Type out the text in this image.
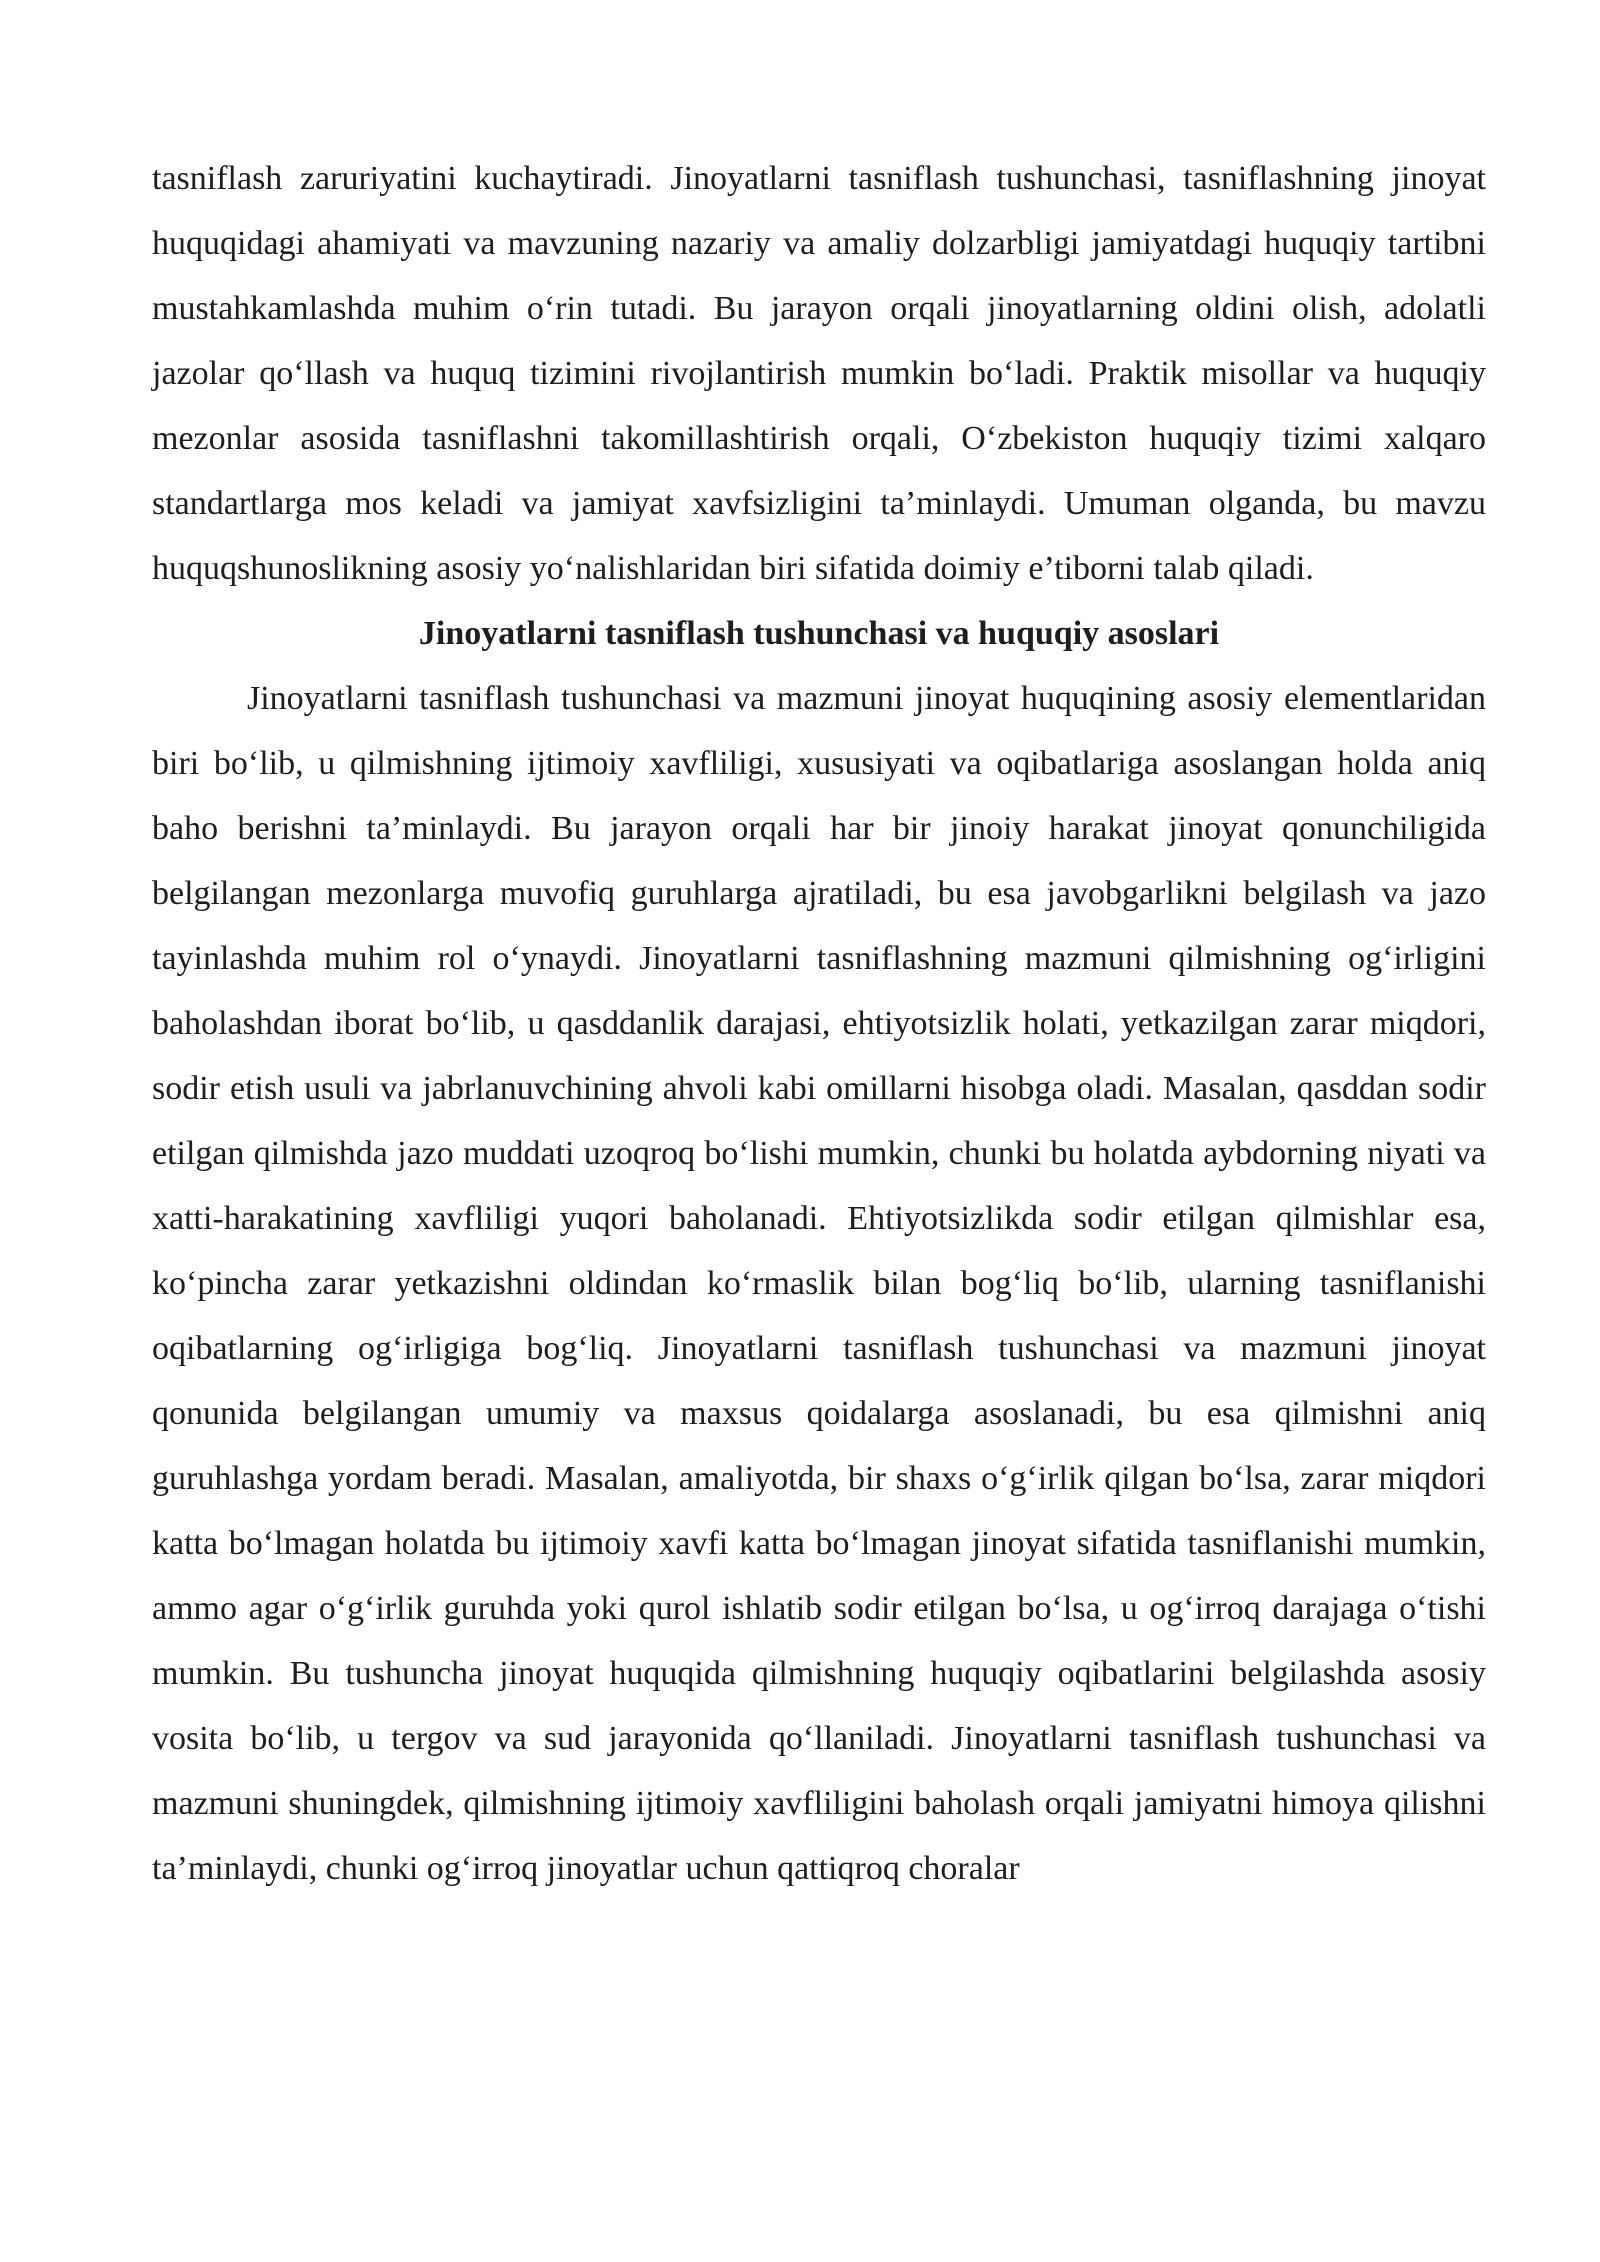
tasniflash zaruriyatini kuchaytiradi. Jinoyatlarni tasniflash tushunchasi, tasniflashning jinoyat huquqidagi ahamiyati va mavzuning nazariy va amaliy dolzarbligi jamiyatdagi huquqiy tartibni mustahkamlashda muhim o‘rin tutadi. Bu jarayon orqali jinoyatlarning oldini olish, adolatli jazolar qo‘llash va huquq tizimini rivojlantirish mumkin bo‘ladi. Praktik misollar va huquqiy mezonlar asosida tasniflashni takomillashtirish orqali, O‘zbekiston huquqiy tizimi xalqaro standartlarga mos keladi va jamiyat xavfsizligini ta’minlaydi. Umuman olganda, bu mavzu huquqshunoslikning asosiy yo‘nalishlaridan biri sifatida doimiy e’tiborni talab qiladi.

Jinoyatlarni tasniflash tushunchasi va huquqiy asoslari

Jinoyatlarni tasniflash tushunchasi va mazmuni jinoyat huquqining asosiy elementlaridan biri bo‘lib, u qilmishning ijtimoiy xavfliligi, xususiyati va oqibatlariga asoslangan holda aniq baho berishni ta’minlaydi. Bu jarayon orqali har bir jinoiy harakat jinoyat qonunchiligida belgilangan mezonlarga muvofiq guruhlarga ajratiladi, bu esa javobgarlikni belgilash va jazo tayinlashda muhim rol o‘ynaydi. Jinoyatlarni tasniflashning mazmuni qilmishning og‘irligini baholashdan iborat bo‘lib, u qasddanlik darajasi, ehtiyotsizlik holati, yetkazilgan zarar miqdori, sodir etish usuli va jabrlanuvchining ahvoli kabi omillarni hisobga oladi. Masalan, qasddan sodir etilgan qilmishda jazo muddati uzoqroq bo‘lishi mumkin, chunki bu holatda aybdorning niyati va xatti-harakatining xavfliligi yuqori baholanadi. Ehtiyotsizlikda sodir etilgan qilmishlar esa, ko‘pincha zarar yetkazishni oldindan ko‘rmaslik bilan bog‘liq bo‘lib, ularning tasniflanishi oqibatlarning og‘irligiga bog‘liq. Jinoyatlarni tasniflash tushunchasi va mazmuni jinoyat qonunida belgilangan umumiy va maxsus qoidalarga asoslanadi, bu esa qilmishni aniq guruhlashga yordam beradi. Masalan, amaliyotda, bir shaxs o‘g‘irlik qilgan bo‘lsa, zarar miqdori katta bo‘lmagan holatda bu ijtimoiy xavfi katta bo‘lmagan jinoyat sifatida tasniflanishi mumkin, ammo agar o‘g‘irlik guruhda yoki qurol ishlatib sodir etilgan bo‘lsa, u og‘irroq darajaga o‘tishi mumkin. Bu tushuncha jinoyat huquqida qilmishning huquqiy oqibatlarini belgilashda asosiy vosita bo‘lib, u tergov va sud jarayonida qo‘llaniladi. Jinoyatlarni tasniflash tushunchasi va mazmuni shuningdek, qilmishning ijtimoiy xavfliligini baholash orqali jamiyatni himoya qilishni ta’minlaydi, chunki og‘irroq jinoyatlar uchun qattiqroq choralar
